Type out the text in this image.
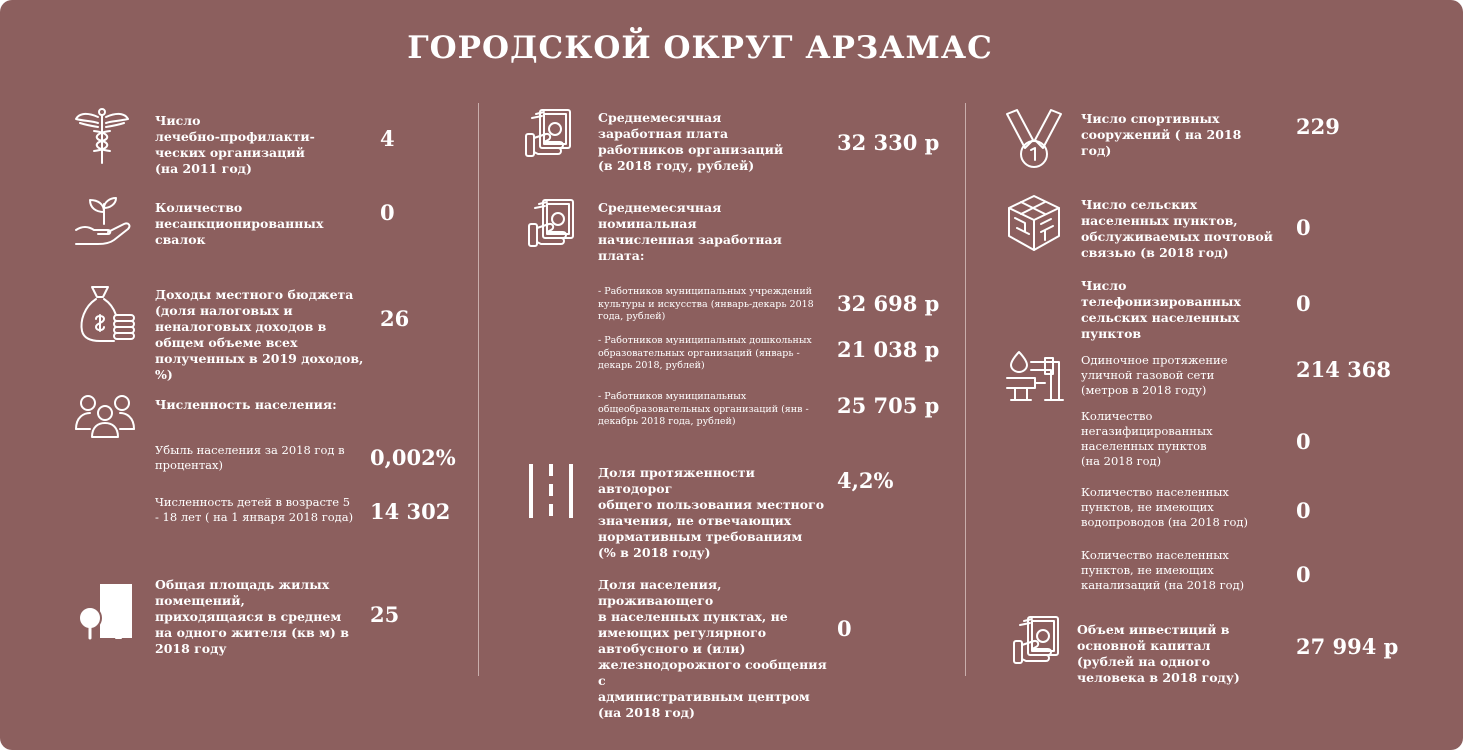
ГОРОДСКОЙ ОКРУГ АРЗАМАС
Число
лечебно-профилакти-
ческих организаций
(на 2011 год)
4
Количество
несанкционированных
свалок
0
Доходы местного бюджета
(доля налоговых и
неналоговых доходов в
общем объеме всех
полученных в 2019 доходов, %)
26
Численность населения:
Убыль населения за 2018 год в
процентах)	0,002%
Численность детей в возрасте 5
- 18 лет ( на 1 января 2018 года) 14 302
Общая площадь жилых
помещений,
приходящаяся в среднем
на одного жителя (кв м) в
2018 году
25
Среднемесячная
заработная плата
работников организаций
(в 2018 году, рублей)
32 330 р
Среднемесячная
номинальная
начисленная заработная
плата:
- Работников муниципальных учреждений
культуры и искусства (январь-декарь 2018
года, рублей)
32 698 р
- Работников муниципальных дошкольных
образовательных организаций (январь -
декарь 2018, рублей)
21 038 р
- Работников муниципальных
общеобразовательных организаций (янв -
декабрь 2018 года, рублей)
25 705 р
Доля протяженности автодорог
общего пользования местного
значения, не отвечающих
нормативным требованиям
(% в 2018 году)
4,2%
Доля населения, проживающего
в населенных пунктах, не
имеющих регулярного
автобусного и (или)
железнодорожного сообщения с
административным центром
(на 2018 год)
0
Число спортивных
сооружений ( на 2018 год)
229
Число сельских
населенных пунктов,
обслуживаемых почтовой
связью (в 2018 год)
0
Число телефонизированных
сельских населенных
пунктов
0
Одиночное протяжение
уличной газовой сети
(метров в 2018 году)
214 368
Количество
негазифицированных
населенных пунктов
(на 2018 год)
0
Количество населенных
пунктов, не имеющих
водопроводов (на 2018 год)	0
Количество населенных
пунктов, не имеющих
канализаций (на 2018 год)	0
Объем инвестиций в
основной капитал
(рублей на одного
человека в 2018 году)
27 994 р
